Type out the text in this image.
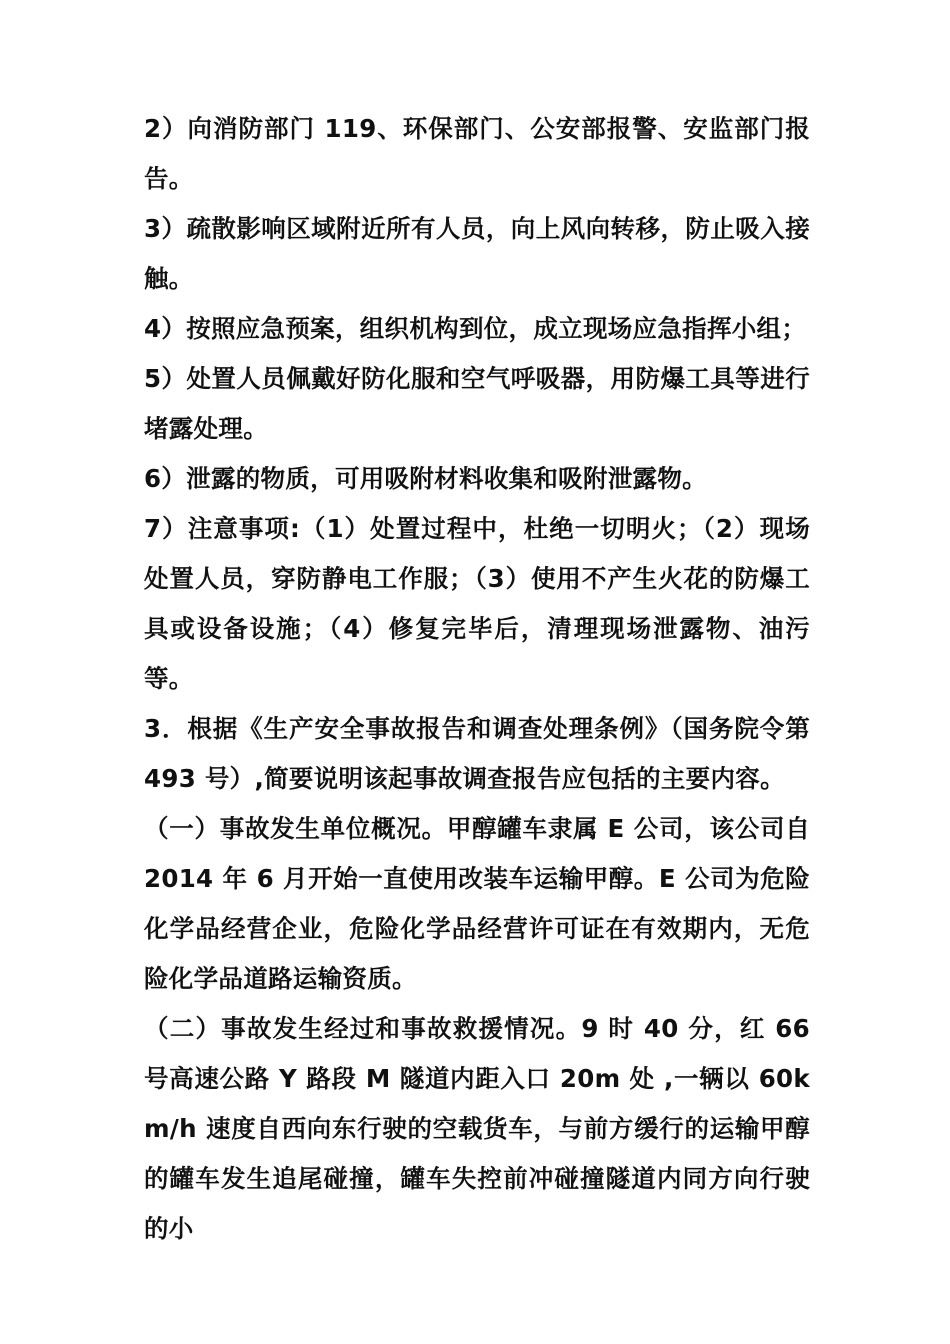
2）向消防部门 119、环保部门、公安部报警、安监部门报告。

3）疏散影响区域附近所有人员，向上风向转移，防止吸入接触。

4）按照应急预案，组织机构到位，成立现场应急指挥小组；

5）处置人员佩戴好防化服和空气呼吸器，用防爆工具等进行堵露处理。

6）泄露的物质，可用吸附材料收集和吸附泄露物。

7）注意事项:（1）处置过程中，杜绝一切明火；（2）现场处置人员，穿防静电工作服；（3）使用不产生火花的防爆工具或设备设施；（4）修复完毕后，清理现场泄露物、油污等。

3．根据《生产安全事故报告和调查处理条例》（国务院令第 493 号）,简要说明该起事故调查报告应包括的主要内容。

（一）事故发生单位概况。甲醇罐车隶属 E 公司，该公司自 2014 年 6 月开始一直使用改装车运输甲醇。E 公司为危险化学品经营企业，危险化学品经营许可证在有效期内，无危险化学品道路运输资质。

（二）事故发生经过和事故救援情况。9 时 40 分，红 66 号高速公路 Y 路段 M 隧道内距入口 20m 处 ,一辆以 60km/h 速度自西向东行驶的空载货车，与前方缓行的运输甲醇的罐车发生追尾碰撞，罐车失控前冲碰撞隧道内同方向行驶的小
